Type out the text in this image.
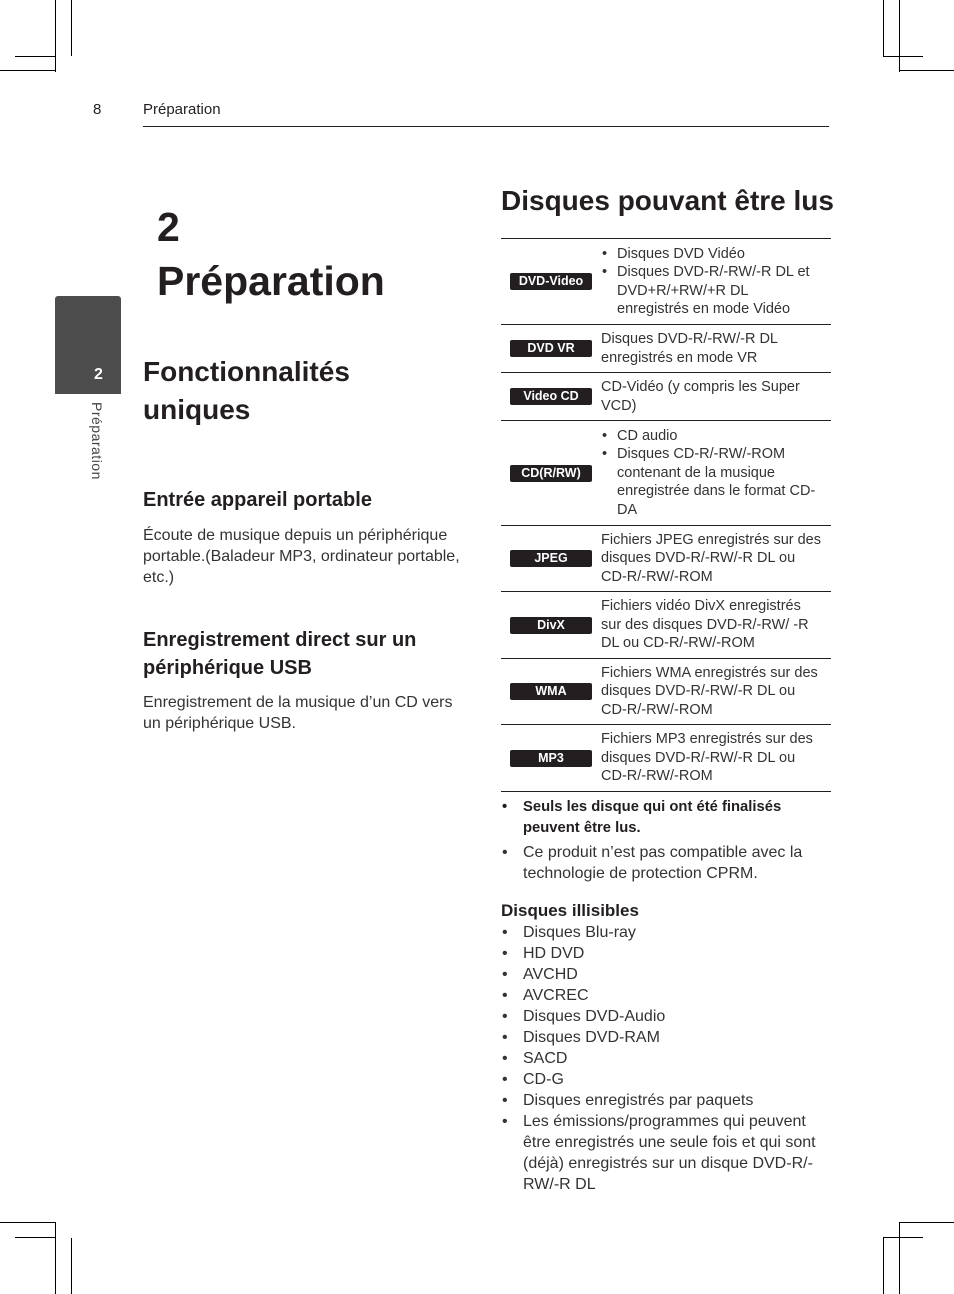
8	Préparation
2
Préparation
2
Préparation
Fonctionnalités uniques
Entrée appareil portable
Écoute de musique depuis un périphérique portable.(Baladeur MP3, ordinateur portable, etc.)
Enregistrement direct sur un périphérique USB
Enregistrement de la musique d’un CD vers un périphérique USB.
Disques pouvant être lus
DVD-Video
• Disques DVD Vidéo
• Disques DVD-R/-RW/-R DL et DVD+R/+RW/+R DL enregistrés en mode Vidéo
DVD VR
Disques DVD-R/-RW/-R DL enregistrés en mode VR
Video CD
CD-Vidéo (y compris les Super VCD)
CD(R/RW)
• CD audio
• Disques CD-R/-RW/-ROM contenant de la musique enregistrée dans le format CD-DA
JPEG
Fichiers JPEG enregistrés sur des disques DVD-R/-RW/-R DL ou CD-R/-RW/-ROM
DivX
Fichiers vidéo DivX enregistrés sur des disques DVD-R/-RW/ -R DL ou CD-R/-RW/-ROM
WMA
Fichiers WMA enregistrés sur des disques DVD-R/-RW/-R DL ou CD-R/-RW/-ROM
MP3
Fichiers MP3 enregistrés sur des disques DVD-R/-RW/-R DL ou CD-R/-RW/-ROM
• Seuls les disque qui ont été finalisés peuvent être lus.
• Ce produit n’est pas compatible avec la technologie de protection CPRM.
Disques illisibles
• Disques Blu-ray
• HD DVD
• AVCHD
• AVCREC
• Disques DVD-Audio
• Disques DVD-RAM
• SACD
• CD-G
• Disques enregistrés par paquets
• Les émissions/programmes qui peuvent être enregistrés une seule fois et qui sont (déjà) enregistrés sur un disque DVD-R/-RW/-R DL
